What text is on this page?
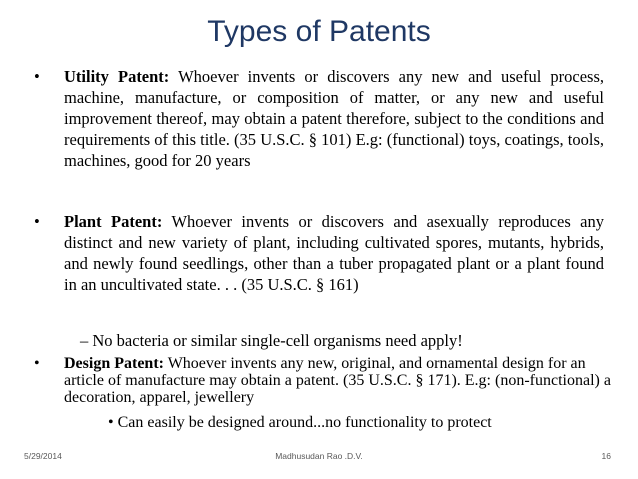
Types of Patents
• Utility Patent: Whoever invents or discovers any new and useful process, machine, manufacture, or composition of matter, or any new and useful improvement thereof, may obtain a patent therefore, subject to the conditions and requirements of this title. (35 U.S.C. § 101) E.g: (functional) toys, coatings, tools, machines, good for 20 years
• Plant Patent: Whoever invents or discovers and asexually reproduces any distinct and new variety of plant, including cultivated spores, mutants, hybrids, and newly found seedlings, other than a tuber propagated plant or a plant found in an uncultivated state. . . (35 U.S.C. § 161)
– No bacteria or similar single-cell organisms need apply!
• Design Patent: Whoever invents any new, original, and ornamental design for an article of manufacture may obtain a patent. (35 U.S.C. § 171). E.g: (non-functional) a decoration, apparel, jewellery
• Can easily be designed around...no functionality to protect
5/29/2014	Madhusudan Rao .D.V.	16
